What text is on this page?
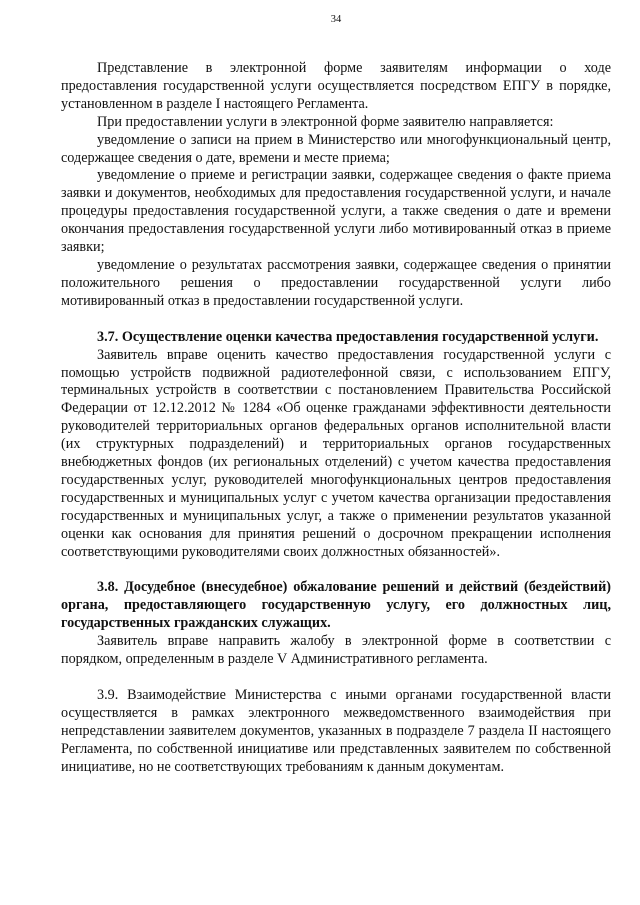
34

Представление в электронной форме заявителям информации о ходе предоставления государственной услуги осуществляется посредством ЕПГУ в порядке, установленном в разделе I настоящего Регламента.

При предоставлении услуги в электронной форме заявителю направляется:

уведомление о записи на прием в Министерство или многофункциональный центр, содержащее сведения о дате, времени и месте приема;

уведомление о приеме и регистрации заявки, содержащее сведения о факте приема заявки и документов, необходимых для предоставления государственной услуги, и начале процедуры предоставления государственной услуги, а также сведения о дате и времени окончания предоставления государственной услуги либо мотивированный отказ в приеме заявки;

уведомление о результатах рассмотрения заявки, содержащее сведения о принятии положительного решения о предоставлении государственной услуги либо мотивированный отказ в предоставлении государственной услуги.

3.7. Осуществление оценки качества предоставления государственной услуги.

Заявитель вправе оценить качество предоставления государственной услуги с помощью устройств подвижной радиотелефонной связи, с использованием ЕПГУ, терминальных устройств в соответствии с постановлением Правительства Российской Федерации от 12.12.2012 № 1284 «Об оценке гражданами эффективности деятельности руководителей территориальных органов федеральных органов исполнительной власти (их структурных подразделений) и территориальных органов государственных внебюджетных фондов (их региональных отделений) с учетом качества предоставления государственных услуг, руководителей многофункциональных центров предоставления государственных и муниципальных услуг с учетом качества организации предоставления государственных и муниципальных услуг, а также о применении результатов указанной оценки как основания для принятия решений о досрочном прекращении исполнения соответствующими руководителями своих должностных обязанностей».

3.8. Досудебное (внесудебное) обжалование решений и действий (бездействий) органа, предоставляющего государственную услугу, его должностных лиц, государственных гражданских служащих.

Заявитель вправе направить жалобу в электронной форме в соответствии с порядком, определенным в разделе V Административного регламента.

3.9. Взаимодействие Министерства с иными органами государственной власти осуществляется в рамках электронного межведомственного взаимодействия при непредставлении заявителем документов, указанных в подразделе 7 раздела II настоящего Регламента, по собственной инициативе или представленных заявителем по собственной инициативе, но не соответствующих требованиям к данным документам.
